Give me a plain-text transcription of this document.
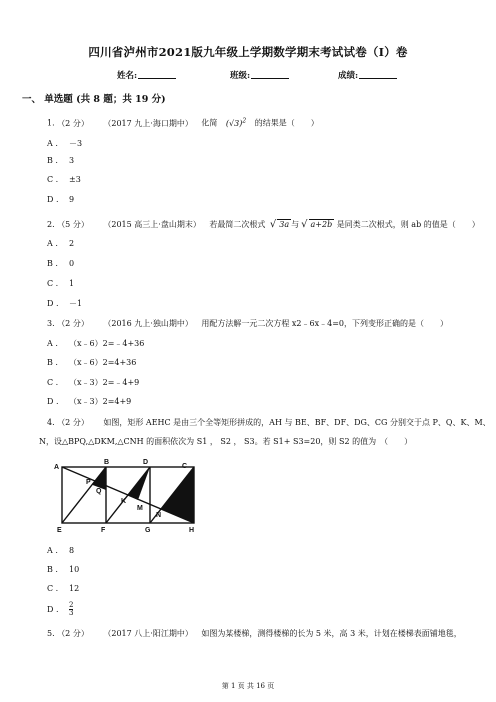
四川省泸州市2021版九年级上学期数学期末考试试卷（I）卷
姓名:	班级:	成绩:
一、 单选题 (共 8 题；共 19 分)
1. （2 分） （2017 九上·海口期中） 化简 $(√3)^2$ 的结果是（　　）
A . －3
B . 3
C . ±3
D . 9
2. （5 分） （2015 高三上·盘山期末） 若最简二次根式 √ 3a 与 √ a+2b 是同类二次根式，则 ab 的值是（　　）
A . 2
B . 0
C . 1
D . －1
3. （2 分） （2016 九上·独山期中） 用配方法解一元二次方程 x2﹣6x﹣4=0，下列变形正确的是（　　）
A . （x﹣6）2=﹣4+36
B . （x﹣6）2=4+36
C . （x﹣3）2=﹣4+9
D . （x﹣3）2=4+9
4. （2 分） 如图，矩形 AEHC 是由三个全等矩形拼成的，AH 与 BE、BF、DF、DG、CG 分别交于点 P、Q、K、M、
N，设△BPQ,△DKM,△CNH 的面积依次为 S1 ， S2 ， S3。若 S1+ S3=20，则 S2 的值为　（　　）
A
B	D
C
P
Q
K
M
N
E	F	G	H
A . 8
B . 10
C . 12
D . $\frac{2}{3}$
5. （2 分） （2017 八上·阳江期中） 如图为某楼梯，测得楼梯的长为 5 米，高 3 米，计划在楼梯表面铺地毯，
第 1 页 共 16 页
